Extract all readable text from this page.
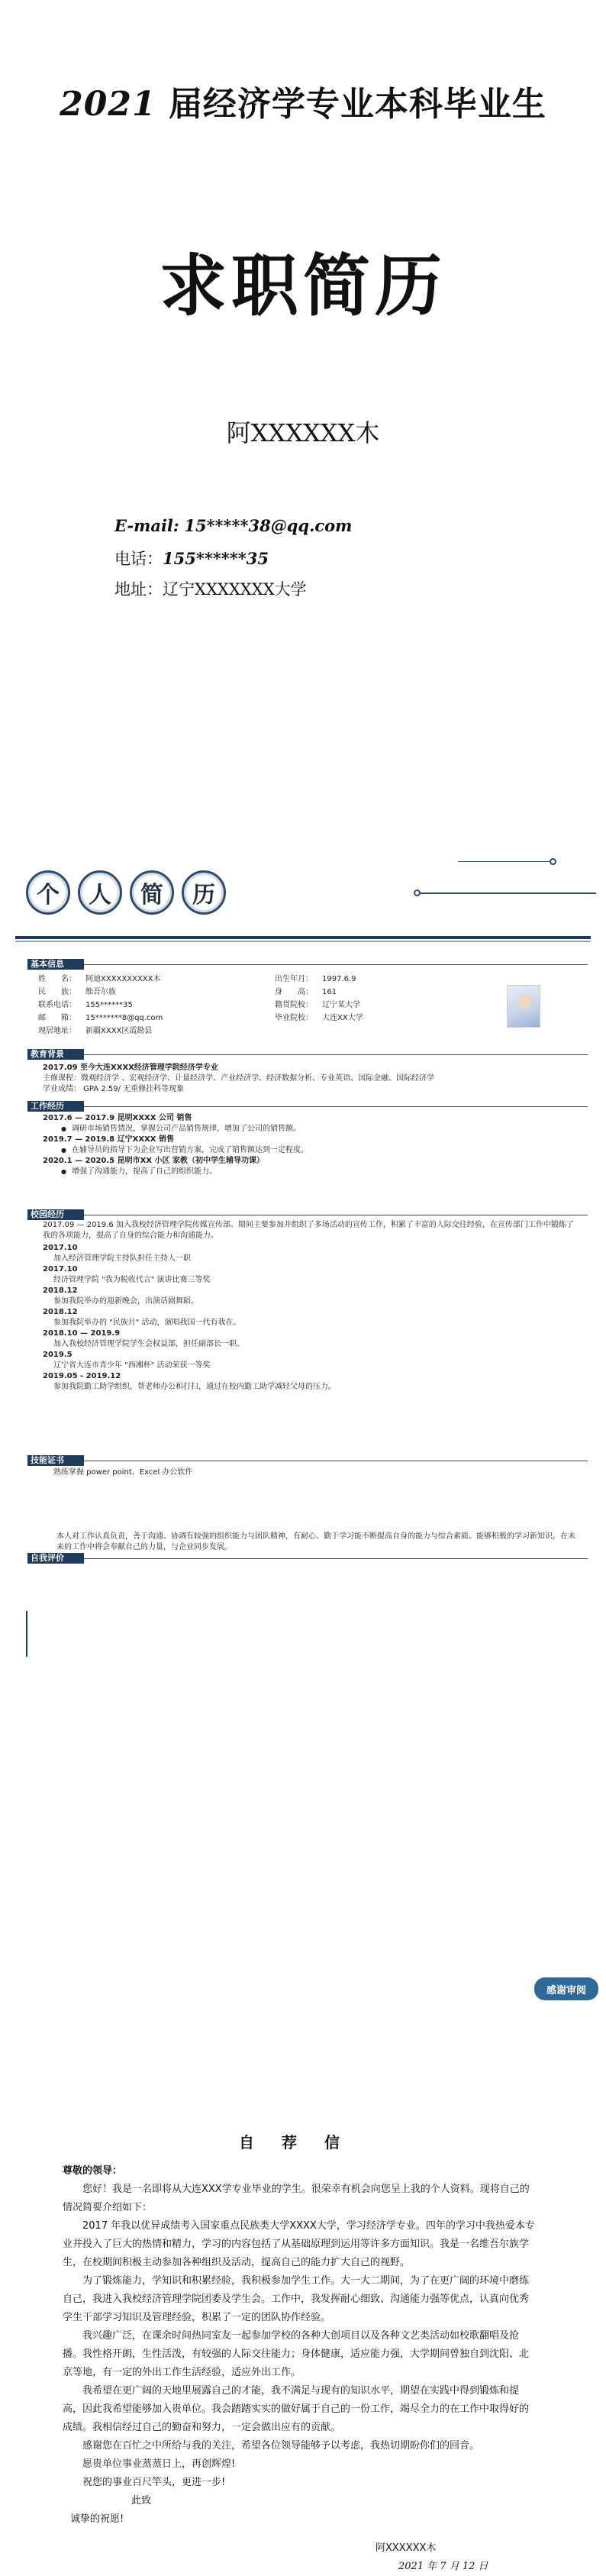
2021 届经济学专业本科毕业生
求职简历
阿XXXXXX木
E-mail: 15*****38@qq.com
电话：155******35
地址：辽宁XXXXXXX大学
个	人	简	历
基本信息
姓　　名：	阿迪XXXXXXXXXX木	出生年月：	1997.6.9
民　　族：	维吾尔族	身　　高：	161
联系电话：	155******35	籍贯院校：	辽宁某大学
邮　　箱：	15*******8@qq.com	毕业院校：	大连XX大学
现居地址：	新疆XXXX区霞勘县
教育背景
2017.09 至今大连XXXX经济管理学院经济学专业
主修课程：微观经济学 、宏观经济学、计量经济学、产业经济学、经济数据分析、专业英语、国际金融、国际经济学
学业成绩： GPA 2.59/ 无重修挂科等现象
工作经历
2017.6 — 2017.9 昆明XXXX 公司 销售
● 调研市场销售情况，掌握公司产品销售规律，增加了公司的销售额。
2019.7 — 2019.8 辽宁XXXX 销售
● 在辅导员的指导下为企业写出营销方案，完成了销售额达到一定程度。
2020.1 — 2020.5 昆明市XX 小区 家教（初中学生辅导功课）
● 增强了沟通能力，提高了自己的组织能力。
校园经历
2017.09 — 2019.6 加入我校经济管理学院传媒宣传部。期间主要参加并组织了多场活动的宣传工作，积累了丰富的人际交往经验，在宣传部门工作中锻炼了我的各项能力，提高了自身的综合能力和沟通能力。
2017.10
加入经济管理学院主持队担任主持人一职
2017.10
经济管理学院 "我为税收代言" 演讲比赛三等奖
2018.12
参加我院举办的迎新晚会，出演话剧舞蹈。
2018.12
参加我院举办的 "民族月" 活动，演唱我国一代有我在。
2018.10 — 2019.9
加入我校经济管理学院学生会权益部，担任副部长一职。
2019.5
辽宁省大连市青少年 "西湘杯" 活动荣获一等奖
2019.05 - 2019.12
参加我院勤工助学组织，帮老师办公和打扫，通过在校内勤工助学减轻父母的压力。
技能证书
熟练掌握 power point、Excel 办公软件
自我评价
本人对工作认真负责，善于沟通、协调有较强的组织能力与团队精神，有耐心、勤于学习能不断提高自身的能力与综合素质。能够积极的学习新知识，在未来的工作中将会奉献自己的力量，与企业同步发展。
感谢审阅
自荐信
尊敬的领导：

您好！我是一名即将从大连XXX学专业毕业的学生。很荣幸有机会向您呈上我的个人资料。现将自己的情况简要介绍如下：

2017 年我以优异成绩考入国家重点民族类大学XXXX大学，学习经济学专业。四年的学习中我热爱本专业并投入了巨大的热情和精力，学习的内容包括了从基础原理到运用等许多方面知识。我是一名维吾尔族学生，在校期间积极主动参加各种组织及活动，提高自己的能力扩大自己的视野。

为了锻炼能力，学知识和积累经验，我积极参加学生工作。大一大二期间，为了在更广阔的环境中磨练自己，我进入我校经济管理学院团委及学生会。工作中，我发挥耐心细致、沟通能力强等优点，认真向优秀学生干部学习知识及管理经验，积累了一定的团队协作经验。

我兴趣广泛，在课余时间热同室友一起参加学校的各种大创项目以及各种文艺类活动如校歌翻唱及抢播。我性格开朗，生性活泼，有较强的人际交往能力；身体健康，适应能力强，大学期间曾独自到沈阳、北京等地，有一定的外出工作生活经验，适应外出工作。

我希望在更广阔的天地里展露自己的才能，我不满足与现有的知识水平，期望在实践中得到锻炼和提高，因此我希望能够加入贵单位。我会踏踏实实的做好属于自己的一份工作，竭尽全力的在工作中取得好的成绩。我相信经过自己的勤奋和努力，一定会做出应有的贡献。

感谢您在百忙之中所给与我的关注，希望各位领导能够予以考虑，我热切期盼你们的回音。

愿贵单位事业蒸蒸日上，再创辉煌!

祝您的事业百尺竿头，更进一步!

此致
诚挚的祝愿!
阿XXXXXX木
2021 年 7 月 12 日
